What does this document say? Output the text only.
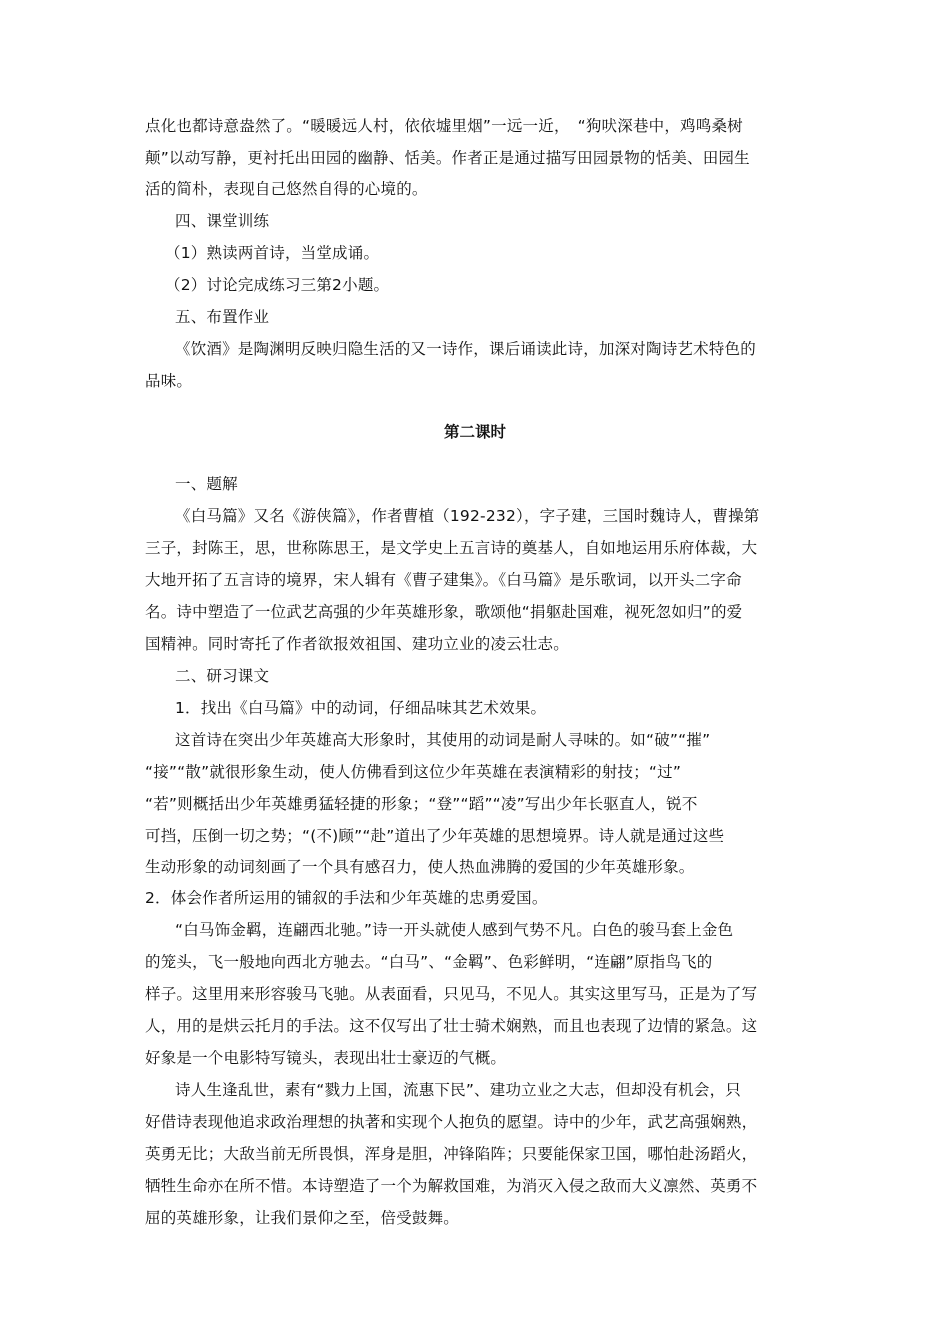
点化也都诗意盎然了。“暖暖远人村，依依墟里烟”一远一近，　“狗吠深巷中，鸡鸣桑树
颠”以动写静，更衬托出田园的幽静、恬美。作者正是通过描写田园景物的恬美、田园生
活的简朴，表现自己悠然自得的心境的。
四、课堂训练
（1）熟读两首诗，当堂成诵。
（2）讨论完成练习三第2小题。
五、布置作业
《饮酒》是陶渊明反映归隐生活的又一诗作，课后诵读此诗，加深对陶诗艺术特色的
品味。
第二课时
一、题解
《白马篇》又名《游侠篇》，作者曹植（192-232），字子建，三国时魏诗人，曹操第
三子，封陈王，思，世称陈思王，是文学史上五言诗的奠基人，自如地运用乐府体裁，大
大地开拓了五言诗的境界，宋人辑有《曹子建集》。《白马篇》是乐歌词，以开头二字命
名。诗中塑造了一位武艺高强的少年英雄形象，歌颂他“捐躯赴国难，视死忽如归”的爱
国精神。同时寄托了作者欲报效祖国、建功立业的凌云壮志。
二、研习课文
1．找出《白马篇》中的动词，仔细品味其艺术效果。
这首诗在突出少年英雄高大形象时，其使用的动词是耐人寻味的。如“破”“摧”
“接”“散”就很形象生动，使人仿佛看到这位少年英雄在表演精彩的射技；“过”
“若”则概括出少年英雄勇猛轻捷的形象；“登”“蹈”“凌”写出少年长驱直人，锐不
可挡，压倒一切之势；“(不)顾”“赴”道出了少年英雄的思想境界。诗人就是通过这些
生动形象的动词刻画了一个具有感召力，使人热血沸腾的爱国的少年英雄形象。
2．体会作者所运用的铺叙的手法和少年英雄的忠勇爱国。
“白马饰金羁，连翩西北驰。”诗一开头就使人感到气势不凡。白色的骏马套上金色
的笼头，飞一般地向西北方驰去。“白马”、“金羁”、色彩鲜明，“连翩”原指鸟飞的
样子。这里用来形容骏马飞驰。从表面看，只见马，不见人。其实这里写马，正是为了写
人，用的是烘云托月的手法。这不仅写出了壮士骑术娴熟，而且也表现了边情的紧急。这
好象是一个电影特写镜头，表现出壮士豪迈的气概。
诗人生逢乱世，素有“戮力上国，流惠下民”、建功立业之大志，但却没有机会，只
好借诗表现他追求政治理想的执著和实现个人抱负的愿望。诗中的少年，武艺高强娴熟，
英勇无比；大敌当前无所畏惧，浑身是胆，冲锋陷阵；只要能保家卫国，哪怕赴汤蹈火，
牺牲生命亦在所不惜。本诗塑造了一个为解救国难，为消灭入侵之敌而大义凛然、英勇不
屈的英雄形象，让我们景仰之至，倍受鼓舞。
